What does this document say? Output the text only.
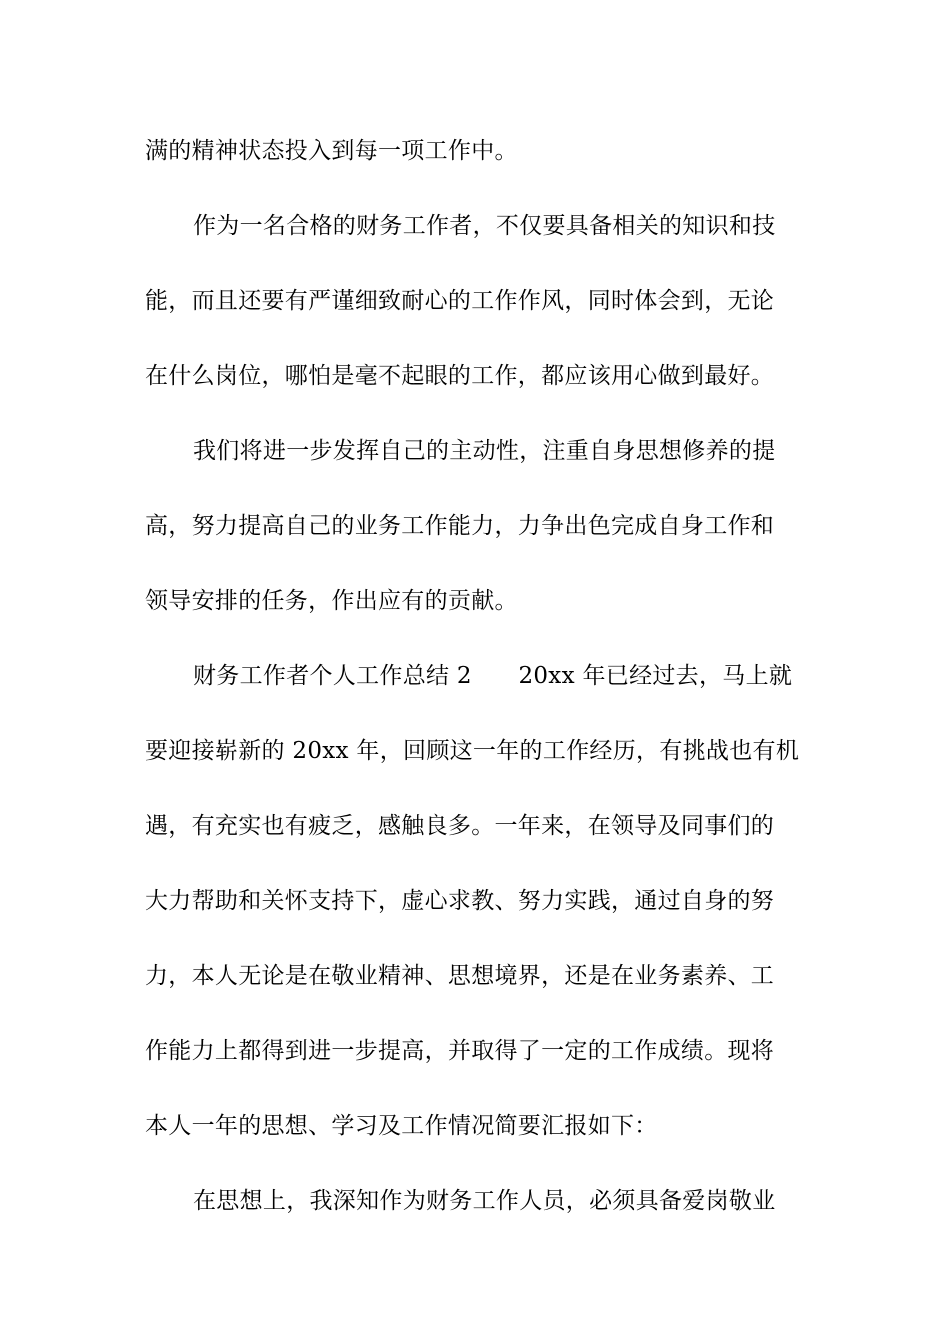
满的精神状态投入到每一项工作中。
作为一名合格的财务工作者，不仅要具备相关的知识和技
能，而且还要有严谨细致耐心的工作作风，同时体会到，无论
在什么岗位，哪怕是毫不起眼的工作，都应该用心做到最好。
我们将进一步发挥自己的主动性，注重自身思想修养的提
高，努力提高自己的业务工作能力，力争出色完成自身工作和
领导安排的任务，作出应有的贡献。
财务工作者个人工作总结 2　　20xx 年已经过去，马上就
要迎接崭新的 20xx 年，回顾这一年的工作经历，有挑战也有机
遇，有充实也有疲乏，感触良多。一年来，在领导及同事们的
大力帮助和关怀支持下，虚心求教、努力实践，通过自身的努
力，本人无论是在敬业精神、思想境界，还是在业务素养、工
作能力上都得到进一步提高，并取得了一定的工作成绩。现将
本人一年的思想、学习及工作情况简要汇报如下：
在思想上，我深知作为财务工作人员，必须具备爱岗敬业
